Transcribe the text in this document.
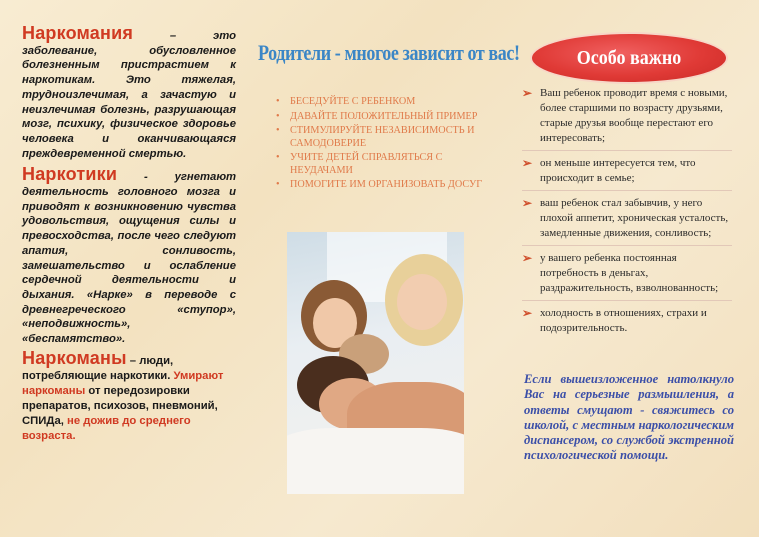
Наркомания – это заболевание, обусловленное болезненным пристрастием к наркотикам. Это тяжелая, трудноизлечимая, а зачастую и неизлечимая болезнь, разрушающая мозг, психику, физическое здоровье человека и оканчивающаяся преждевременной смертью.

Наркотики - угнетают деятельность головного мозга и приводят к возникновению чувства удовольствия, ощущения силы и превосходства, после чего следуют апатия, сонливость, замешательство и ослабление сердечной деятельности и дыхания. «Нарке» в переводе с древнегреческого «ступор», «неподвижность», «беспамятство».

Наркоманы – люди, потребляющие наркотики. Умирают наркоманы от передозировки препаратов, психозов, пневмоний, СПИДа, не дожив до среднего возраста.

Родители - многое зависит от вас!
• БЕСЕДУЙТЕ С РЕБЕНКОМ
• ДАВАЙТЕ ПОЛОЖИТЕЛЬНЫЙ ПРИМЕР
• СТИМУЛИРУЙТЕ НЕЗАВИСИМОСТЬ И САМОДОВЕРИЕ
• УЧИТЕ ДЕТЕЙ СПРАВЛЯТЬСЯ С НЕУДАЧАМИ
• ПОМОГИТЕ ИМ ОРГАНИЗОВАТЬ ДОСУГ
Особо важно
➢ Ваш ребенок проводит время с новыми, более старшими по возрасту друзьями, старые друзья вообще перестают его интересовать;
➢ он меньше интересуется тем, что происходит в семье;
➢ ваш ребенок стал забывчив, у него плохой аппетит, хроническая усталость, замедленные движения, сонливость;
➢ у вашего ребенка постоянная потребность в деньгах, раздражительность, взволнованность;
➢ холодность в отношениях, страхи и подозрительность.

Если вышеизложенное натолкнуло Вас на серьезные размышления, а ответы смущают - свяжитесь со школой, с местным наркологическим диспансером, со службой экстренной психологической помощи.
